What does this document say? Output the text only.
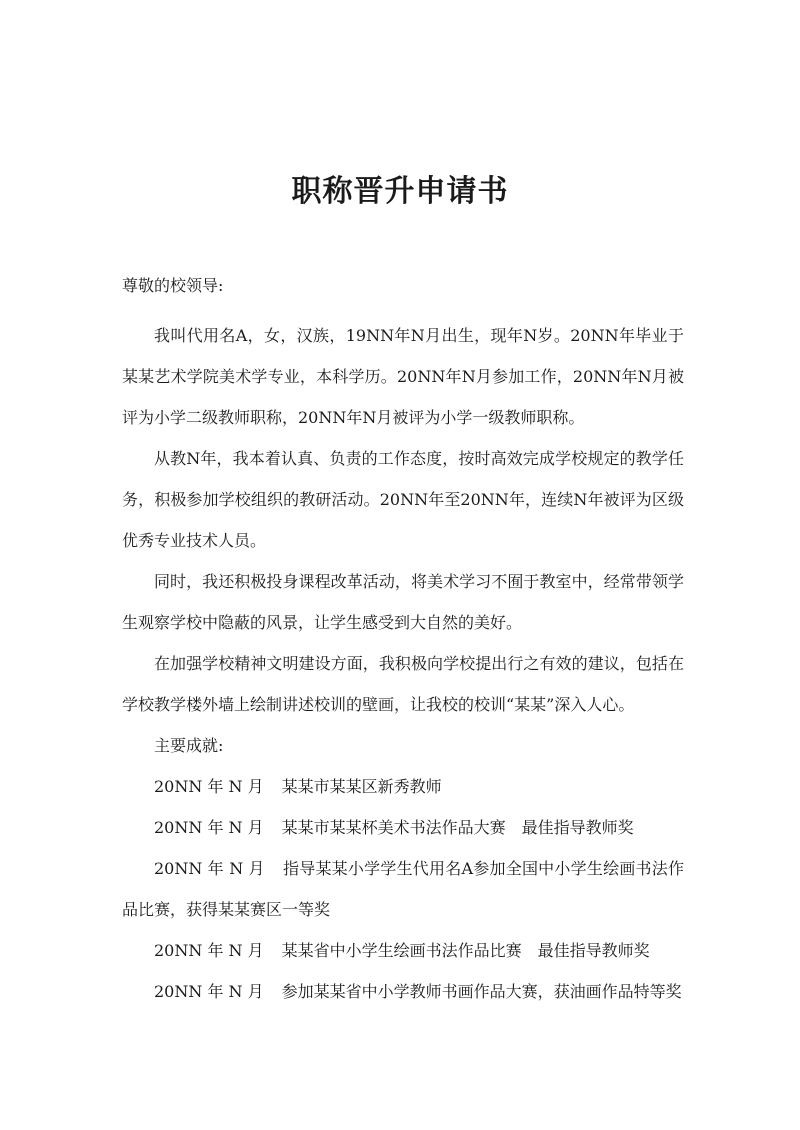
职称晋升申请书
尊敬的校领导:

我叫代用名A，女，汉族，19NN年N月出生，现年N岁。20NN年毕业于某某艺术学院美术学专业，本科学历。20NN年N月参加工作，20NN年N月被评为小学二级教师职称，20NN年N月被评为小学一级教师职称。

从教N年，我本着认真、负责的工作态度，按时高效完成学校规定的教学任务，积极参加学校组织的教研活动。20NN年至20NN年，连续N年被评为区级优秀专业技术人员。

同时，我还积极投身课程改革活动，将美术学习不囿于教室中，经常带领学生观察学校中隐蔽的风景，让学生感受到大自然的美好。

在加强学校精神文明建设方面，我积极向学校提出行之有效的建议，包括在学校教学楼外墙上绘制讲述校训的壁画，让我校的校训“某某”深入人心。

主要成就:

20NN 年 N 月 某某市某某区新秀教师

20NN 年 N 月 某某市某某杯美术书法作品大赛 最佳指导教师奖

20NN 年 N 月 指导某某小学学生代用名A参加全国中小学生绘画书法作品比赛，获得某某赛区一等奖

20NN 年 N 月 某某省中小学生绘画书法作品比赛 最佳指导教师奖

20NN 年 N 月 参加某某省中小学教师书画作品大赛，获油画作品特等奖
